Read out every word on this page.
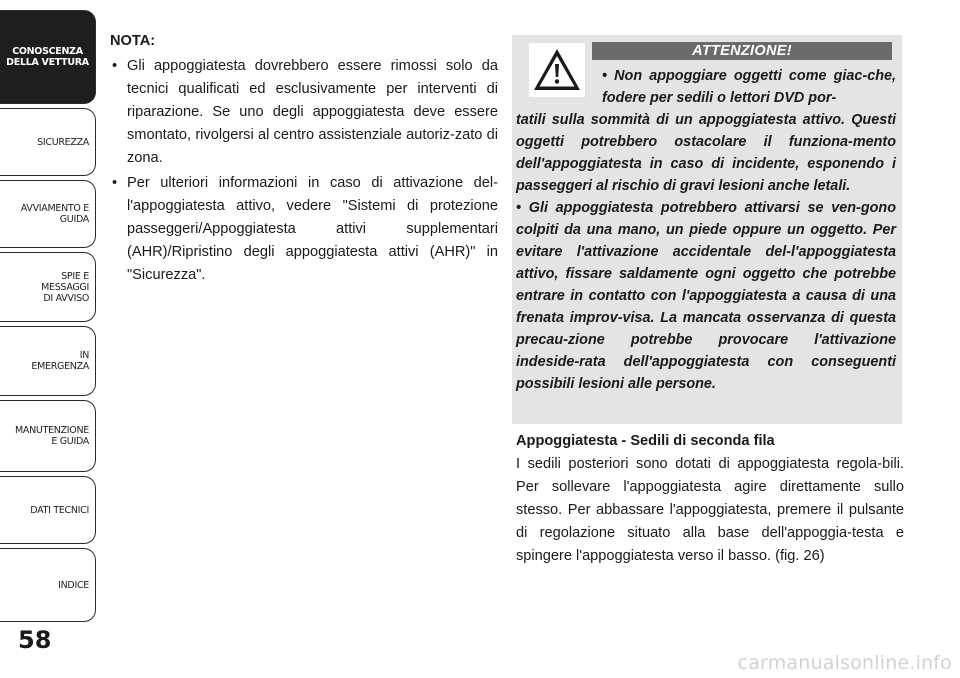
CONOSCENZA
DELLA VETTURA
SICUREZZA
AVVIAMENTO E
GUIDA
SPIE E
MESSAGGI
DI AVVISO
IN
EMERGENZA
MANUTENZIONE
E GUIDA
DATI TECNICI
INDICE
58

NOTA:

• Gli appoggiatesta dovrebbero essere rimossi solo da tecnici qualificati ed esclusivamente per interventi di riparazione. Se uno degli appoggiatesta deve essere smontato, rivolgersi al centro assistenziale autoriz-zato di zona.
• Per ulteriori informazioni in caso di attivazione del-l'appoggiatesta attivo, vedere "Sistemi di protezione passeggeri/Appoggiatesta attivi supplementari (AHR)/Ripristino degli appoggiatesta attivi (AHR)" in "Sicurezza".
ATTENZIONE!

• Non appoggiare oggetti come giac-che, fodere per sedili o lettori DVD por-

tatili sulla sommità di un appoggiatesta attivo. Questi oggetti potrebbero ostacolare il funziona-mento dell'appoggiatesta in caso di incidente, esponendo i passeggeri al rischio di gravi lesioni anche letali.

• Gli appoggiatesta potrebbero attivarsi se ven-gono colpiti da una mano, un piede oppure un oggetto. Per evitare l'attivazione accidentale del-l'appoggiatesta attivo, fissare saldamente ogni oggetto che potrebbe entrare in contatto con l'appoggiatesta a causa di una frenata improv-visa. La mancata osservanza di questa precau-zione potrebbe provocare l'attivazione indeside-rata dell'appoggiatesta con conseguenti possibili lesioni alle persone.

Appoggiatesta - Sedili di seconda fila

I sedili posteriori sono dotati di appoggiatesta regola-bili. Per sollevare l'appoggiatesta agire direttamente sullo stesso. Per abbassare l'appoggiatesta, premere il pulsante di regolazione situato alla base dell'appoggia-testa e spingere l'appoggiatesta verso il basso. (fig. 26)

carmanualsonline.info
